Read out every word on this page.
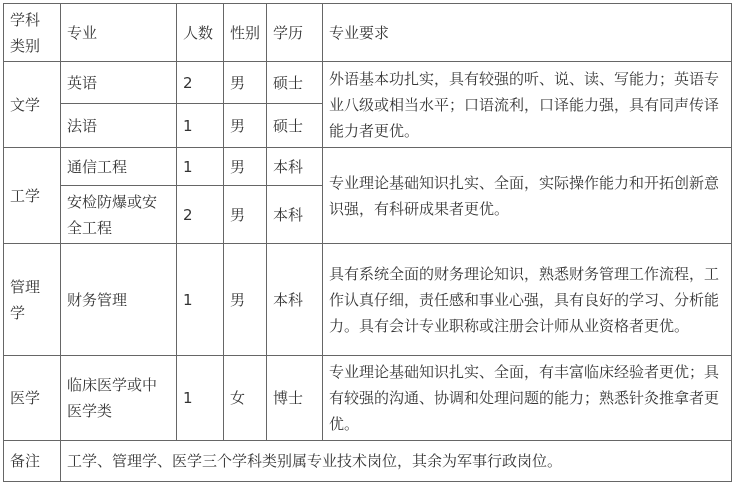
学科类别	专业	人数	性别	学历	专业要求
文学	英语	2	男	硕士	外语基本功扎实，具有较强的听、说、读、写能力；英语专业八级或相当水平；口语流利，口译能力强，具有同声传译能力者更优。
	法语	1	男	硕士	
工学	通信工程	1	男	本科	专业理论基础知识扎实、全面，实际操作能力和开拓创新意识强，有科研成果者更优。
	安检防爆或安全工程	2	男	本科	
管理学	财务管理	1	男	本科	具有系统全面的财务理论知识，熟悉财务管理工作流程，工作认真仔细，责任感和事业心强，具有良好的学习、分析能力。具有会计专业职称或注册会计师从业资格者更优。
医学	临床医学或中医学类	1	女	博士	专业理论基础知识扎实、全面，有丰富临床经验者更优；具有较强的沟通、协调和处理问题的能力；熟悉针灸推拿者更优。
备注	工学、管理学、医学三个学科类别属专业技术岗位，其余为军事行政岗位。				
